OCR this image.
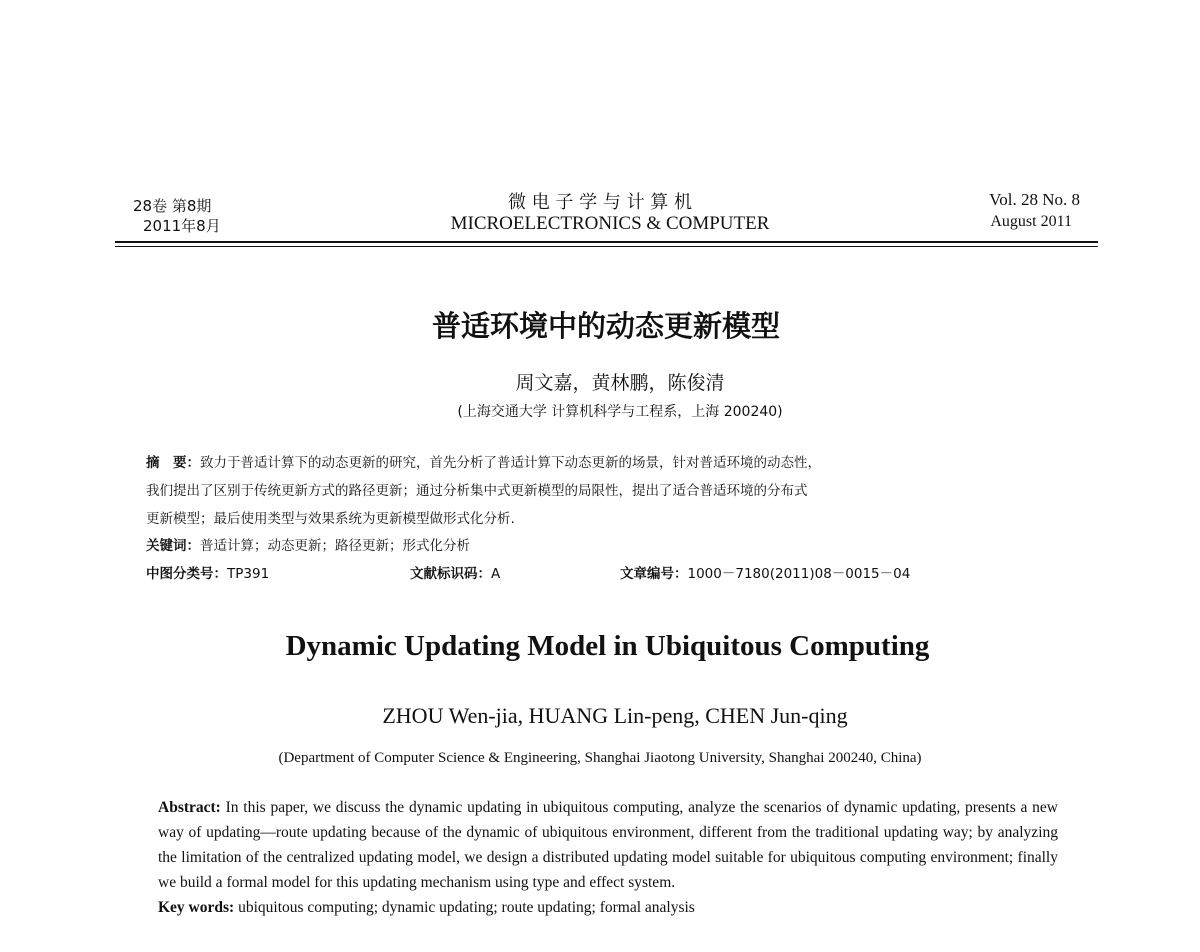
28卷 第8期
2011年8月
微 电 子 学 与 计 算 机
MICROELECTRONICS & COMPUTER
Vol. 28 No. 8
August 2011
普适环境中的动态更新模型
周文嘉，黄林鹏，陈俊清
(上海交通大学 计算机科学与工程系，上海 200240)
摘　要：致力于普适计算下的动态更新的研究，首先分析了普适计算下动态更新的场景，针对普适环境的动态性，
我们提出了区别于传统更新方式的路径更新；通过分析集中式更新模型的局限性，提出了适合普适环境的分布式
更新模型；最后使用类型与效果系统为更新模型做形式化分析.
关键词：普适计算；动态更新；路径更新；形式化分析
中图分类号：TP391	文献标识码：A	文章编号：1000－7180(2011)08－0015－04
Dynamic Updating Model in Ubiquitous Computing
ZHOU Wen-jia, HUANG Lin-peng, CHEN Jun-qing
(Department of Computer Science & Engineering, Shanghai Jiaotong University, Shanghai 200240, China)
Abstract: In this paper, we discuss the dynamic updating in ubiquitous computing, analyze the scenarios of dynamic updating, presents a new way of updating—route updating because of the dynamic of ubiquitous environment, different from the traditional updating way; by analyzing the limitation of the centralized updating model, we design a distributed updating model suitable for ubiquitous computing environment; finally we build a formal model for this updating mechanism using type and effect system.
Key words: ubiquitous computing; dynamic updating; route updating; formal analysis
